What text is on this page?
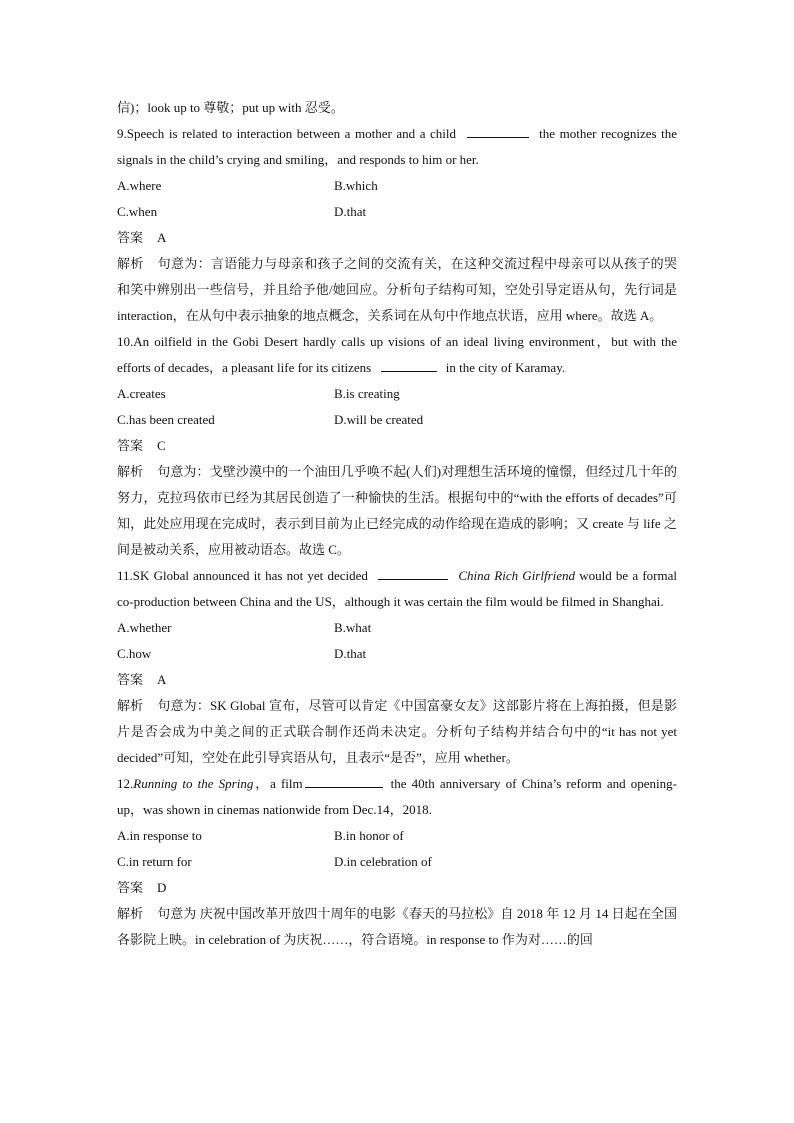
信)；look up to 尊敬；put up with 忍受。

9.Speech is related to interaction between a mother and a child	the mother recognizes the signals in the child’s crying and smiling，and responds to him or her.

A.where	B.which
C.when	D.that

答案 A

解析 句意为：言语能力与母亲和孩子之间的交流有关，在这种交流过程中母亲可以从孩子的哭和笑中辨别出一些信号，并且给予他/她回应。分析句子结构可知，空处引导定语从句，先行词是 interaction，在从句中表示抽象的地点概念，关系词在从句中作地点状语，应用 where。故选 A。

10.An oilfield in the Gobi Desert hardly calls up visions of an ideal living environment，but with the efforts of decades，a pleasant life for its citizens	in the city of Karamay.

A.creates	B.is creating
C.has been created	D.will be created

答案 C

解析 句意为：戈壁沙漠中的一个油田几乎唤不起(人们)对理想生活环境的憧憬，但经过几十年的努力，克拉玛依市已经为其居民创造了一种愉快的生活。根据句中的“with the efforts of decades”可知，此处应用现在完成时，表示到目前为止已经完成的动作给现在造成的影响；又 create 与 life 之间是被动关系，应用被动语态。故选 C。

11.SK Global announced it has not yet decided	China Rich Girlfriend would be a formal co-production between China and the US，although it was certain the film would be filmed in Shanghai.

A.whether	B.what
C.how	D.that

答案 A

解析 句意为：SK Global 宣布，尽管可以肯定《中国富豪女友》这部影片将在上海拍摄，但是影片是否会成为中美之间的正式联合制作还尚未决定。分析句子结构并结合句中的“it has not yet decided”可知，空处在此引导宾语从句，且表示“是否”，应用 whether。

12.Running to the Spring，a film	the 40th anniversary of China’s reform and opening-up，was shown in cinemas nationwide from Dec.14，2018.

A.in response to	B.in honor of
C.in return for	D.in celebration of

答案 D

解析 句意为 庆祝中国改革开放四十周年的电影《春天的马拉松》自 2018 年 12 月 14 日起在全国各影院上映。in celebration of 为庆祝……，符合语境。in response to 作为对……的回
